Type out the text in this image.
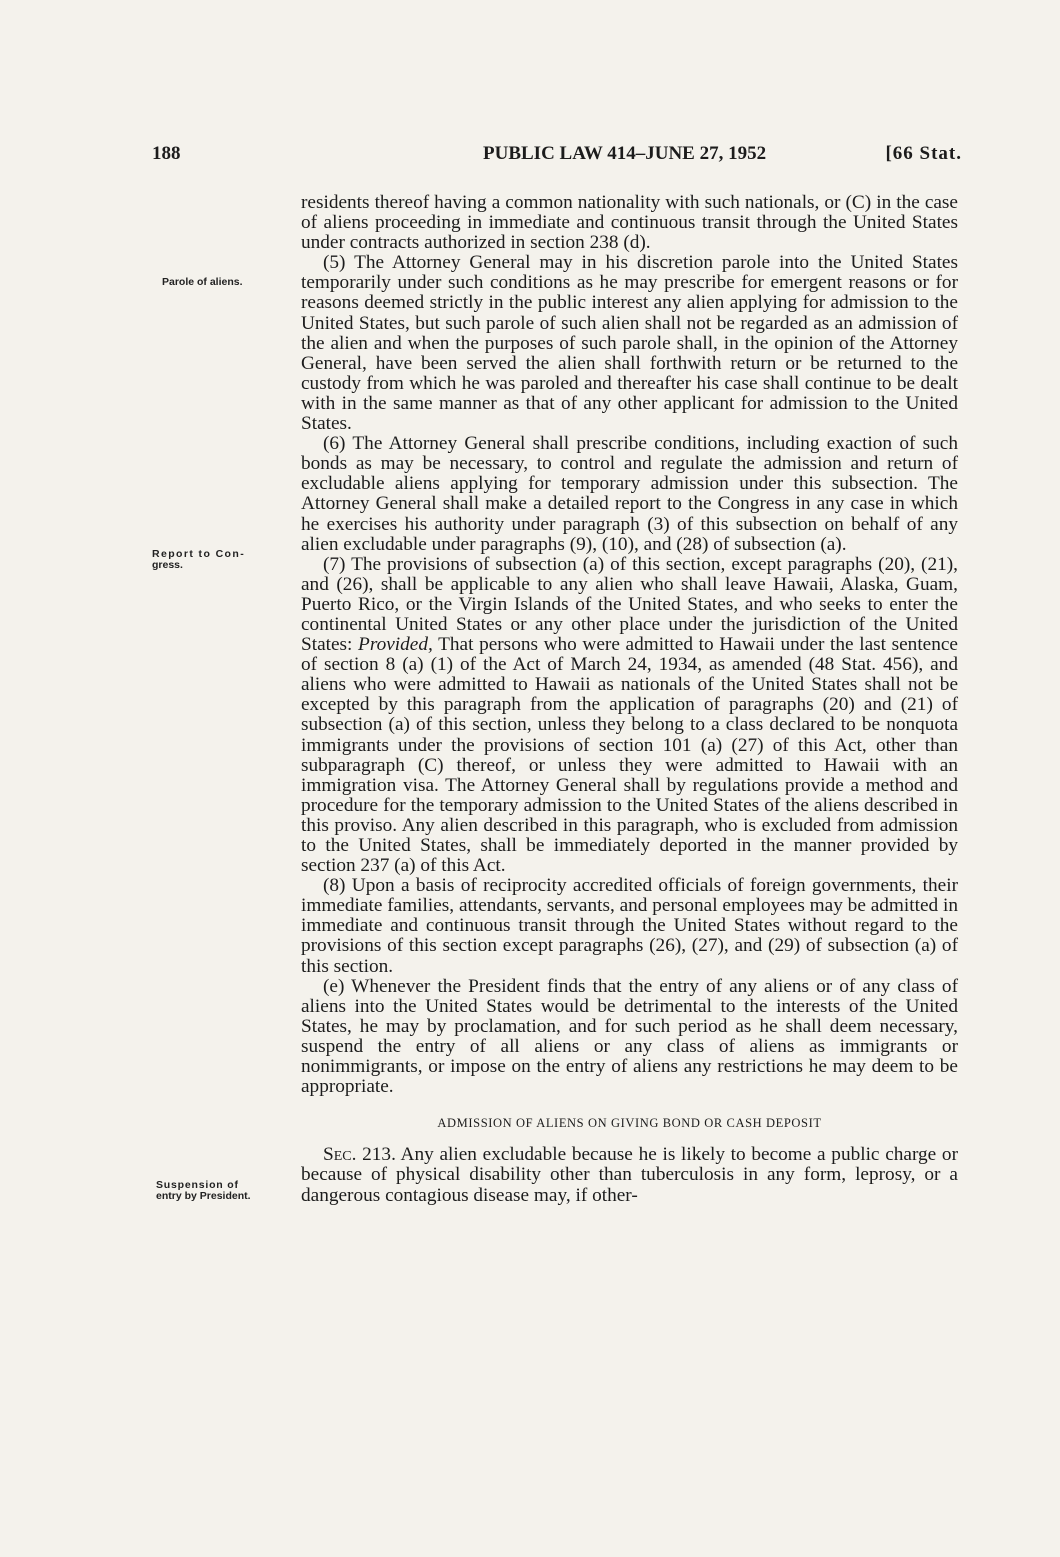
188	PUBLIC LAW 414–JUNE 27, 1952	[66 Stat.
Parole of aliens.
Report to Con-
gress.
Suspension of
entry by President.

residents thereof having a common nationality with such nationals, or (C) in the case of aliens proceeding in immediate and continuous transit through the United States under contracts authorized in section 238 (d).

(5) The Attorney General may in his discretion parole into the United States temporarily under such conditions as he may prescribe for emergent reasons or for reasons deemed strictly in the public interest any alien applying for admission to the United States, but such parole of such alien shall not be regarded as an admission of the alien and when the purposes of such parole shall, in the opinion of the Attorney General, have been served the alien shall forthwith return or be returned to the custody from which he was paroled and thereafter his case shall continue to be dealt with in the same manner as that of any other applicant for admission to the United States.

(6) The Attorney General shall prescribe conditions, including exaction of such bonds as may be necessary, to control and regulate the admission and return of excludable aliens applying for temporary admission under this subsection. The Attorney General shall make a detailed report to the Congress in any case in which he exercises his authority under paragraph (3) of this subsection on behalf of any alien excludable under paragraphs (9), (10), and (28) of subsection (a).

(7) The provisions of subsection (a) of this section, except paragraphs (20), (21), and (26), shall be applicable to any alien who shall leave Hawaii, Alaska, Guam, Puerto Rico, or the Virgin Islands of the United States, and who seeks to enter the continental United States or any other place under the jurisdiction of the United States: Provided, That persons who were admitted to Hawaii under the last sentence of section 8 (a) (1) of the Act of March 24, 1934, as amended (48 Stat. 456), and aliens who were admitted to Hawaii as nationals of the United States shall not be excepted by this paragraph from the application of paragraphs (20) and (21) of subsection (a) of this section, unless they belong to a class declared to be nonquota immigrants under the provisions of section 101 (a) (27) of this Act, other than subparagraph (C) thereof, or unless they were admitted to Hawaii with an immigration visa. The Attorney General shall by regulations provide a method and procedure for the temporary admission to the United States of the aliens described in this proviso. Any alien described in this paragraph, who is excluded from admission to the United States, shall be immediately deported in the manner provided by section 237 (a) of this Act.

(8) Upon a basis of reciprocity accredited officials of foreign governments, their immediate families, attendants, servants, and personal employees may be admitted in immediate and continuous transit through the United States without regard to the provisions of this section except paragraphs (26), (27), and (29) of subsection (a) of this section.

(e) Whenever the President finds that the entry of any aliens or of any class of aliens into the United States would be detrimental to the interests of the United States, he may by proclamation, and for such period as he shall deem necessary, suspend the entry of all aliens or any class of aliens as immigrants or nonimmigrants, or impose on the entry of aliens any restrictions he may deem to be appropriate.

ADMISSION OF ALIENS ON GIVING BOND OR CASH DEPOSIT

Sec. 213. Any alien excludable because he is likely to become a public charge or because of physical disability other than tuberculosis in any form, leprosy, or a dangerous contagious disease may, if other-
